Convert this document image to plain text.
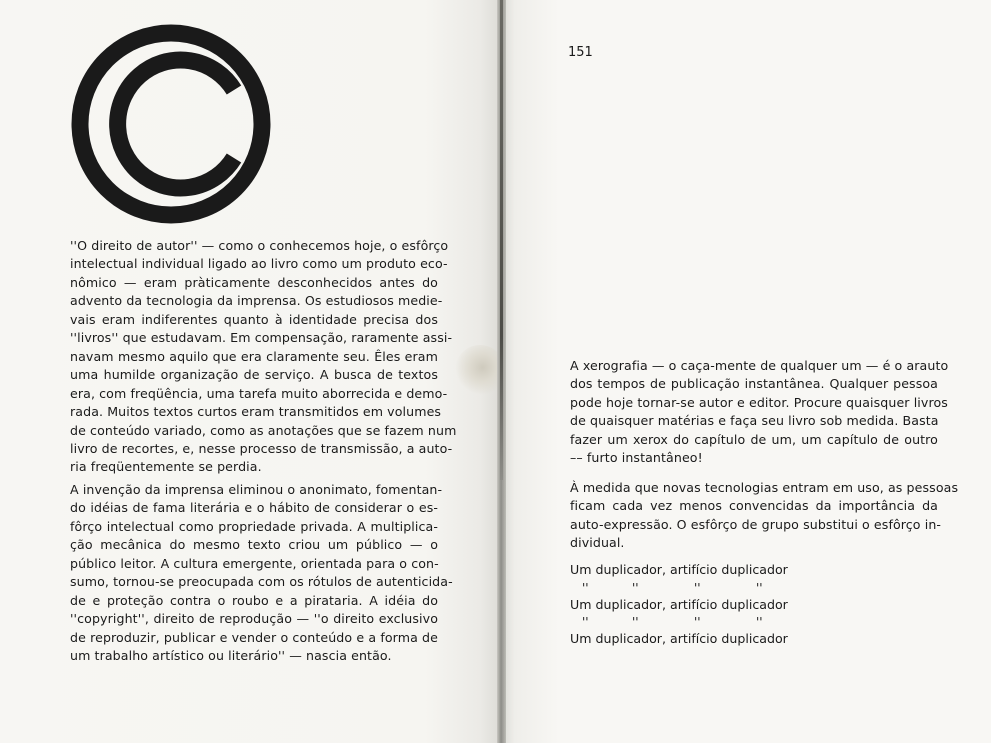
''O direito de autor'' — como o conhecemos hoje, o esfôrço
intelectual individual ligado ao livro como um produto eco-
nômico — eram pràticamente desconhecidos antes do
advento da tecnologia da imprensa. Os estudiosos medie-
vais eram indiferentes quanto à identidade precisa dos
''livros'' que estudavam. Em compensação, raramente assi-
navam mesmo aquilo que era claramente seu. Êles eram
uma humilde organização de serviço. A busca de textos
era, com freqüência, uma tarefa muito aborrecida e demo-
rada. Muitos textos curtos eram transmitidos em volumes
de conteúdo variado, como as anotações que se fazem num
livro de recortes, e, nesse processo de transmissão, a auto-
ria freqüentemente se perdia.
A invenção da imprensa eliminou o anonimato, fomentan-
do idéias de fama literária e o hábito de considerar o es-
fôrço intelectual como propriedade privada. A multiplica-
ção mecânica do mesmo texto criou um público — o
público leitor. A cultura emergente, orientada para o con-
sumo, tornou-se preocupada com os rótulos de autenticida-
de e proteção contra o roubo e a pirataria. A idéia do
''copyright'', direito de reprodução — ''o direito exclusivo
de reproduzir, publicar e vender o conteúdo e a forma de
um trabalho artístico ou literário'' — nascia então.
151
A xerografia — o caça-mente de qualquer um — é o arauto
dos tempos de publicação instantânea. Qualquer pessoa
pode hoje tornar-se autor e editor. Procure quaisquer livros
de quaisquer matérias e faça seu livro sob medida. Basta
fazer um xerox do capítulo de um, um capítulo de outro
–– furto instantâneo!
À medida que novas tecnologias entram em uso, as pessoas
ficam cada vez menos convencidas da importância da
auto-expressão. O esfôrço de grupo substitui o esfôrço in-
dividual.
Um duplicador, artifício duplicador
''	''	''	''
Um duplicador, artifício duplicador
''	''	''	''
Um duplicador, artifício duplicador
